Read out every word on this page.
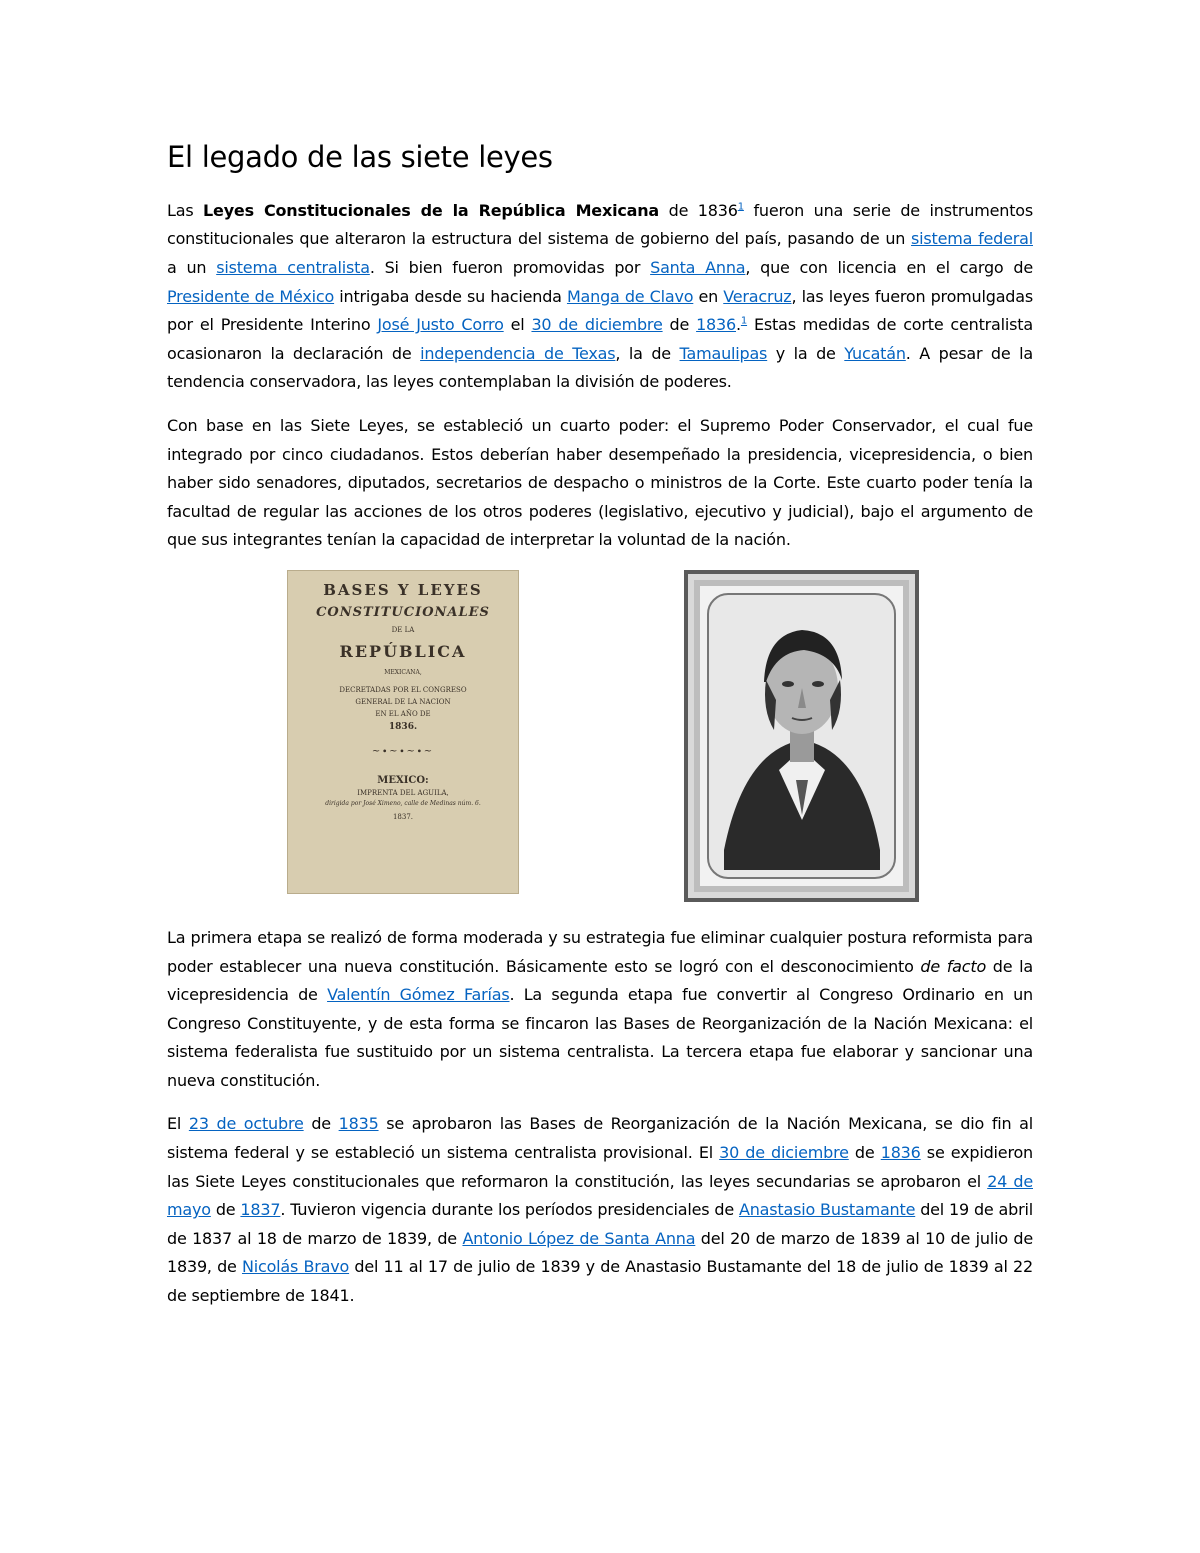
El legado de las siete leyes

Las Leyes Constitucionales de la República Mexicana de 1836$^1$ fueron una serie de instrumentos constitucionales que alteraron la estructura del sistema de gobierno del país, pasando de un sistema federal a un sistema centralista. Si bien fueron promovidas por Santa Anna, que con licencia en el cargo de Presidente de México intrigaba desde su hacienda Manga de Clavo en Veracruz, las leyes fueron promulgadas por el Presidente Interino José Justo Corro el 30 de diciembre de 1836.$^1$ Estas medidas de corte centralista ocasionaron la declaración de independencia de Texas, la de Tamaulipas y la de Yucatán. A pesar de la tendencia conservadora, las leyes contemplaban la división de poderes.

Con base en las Siete Leyes, se estableció un cuarto poder: el Supremo Poder Conservador, el cual fue integrado por cinco ciudadanos. Estos deberían haber desempeñado la presidencia, vicepresidencia, o bien haber sido senadores, diputados, secretarios de despacho o ministros de la Corte. Este cuarto poder tenía la facultad de regular las acciones de los otros poderes (legislativo, ejecutivo y judicial), bajo el argumento de que sus integrantes tenían la capacidad de interpretar la voluntad de la nación.

BASES Y LEYES
CONSTITUCIONALES
DE LA
REPÚBLICA
MEXICANA,
DECRETADAS POR EL CONGRESO
GENERAL DE LA NACION
EN EL AÑO DE
1836.
~∙~∙~∙~
MEXICO:
IMPRENTA DEL AGUILA,
dirigida por José Ximeno, calle de Medinas núm. 6.
1837.

La primera etapa se realizó de forma moderada y su estrategia fue eliminar cualquier postura reformista para poder establecer una nueva constitución. Básicamente esto se logró con el desconocimiento de facto de la vicepresidencia de Valentín Gómez Farías. La segunda etapa fue convertir al Congreso Ordinario en un Congreso Constituyente, y de esta forma se fincaron las Bases de Reorganización de la Nación Mexicana: el sistema federalista fue sustituido por un sistema centralista. La tercera etapa fue elaborar y sancionar una nueva constitución.

El 23 de octubre de 1835 se aprobaron las Bases de Reorganización de la Nación Mexicana, se dio fin al sistema federal y se estableció un sistema centralista provisional. El 30 de diciembre de 1836 se expidieron las Siete Leyes constitucionales que reformaron la constitución, las leyes secundarias se aprobaron el 24 de mayo de 1837. Tuvieron vigencia durante los períodos presidenciales de Anastasio Bustamante del 19 de abril de 1837 al 18 de marzo de 1839, de Antonio López de Santa Anna del 20 de marzo de 1839 al 10 de julio de 1839, de Nicolás Bravo del 11 al 17 de julio de 1839 y de Anastasio Bustamante del 18 de julio de 1839 al 22 de septiembre de 1841.
